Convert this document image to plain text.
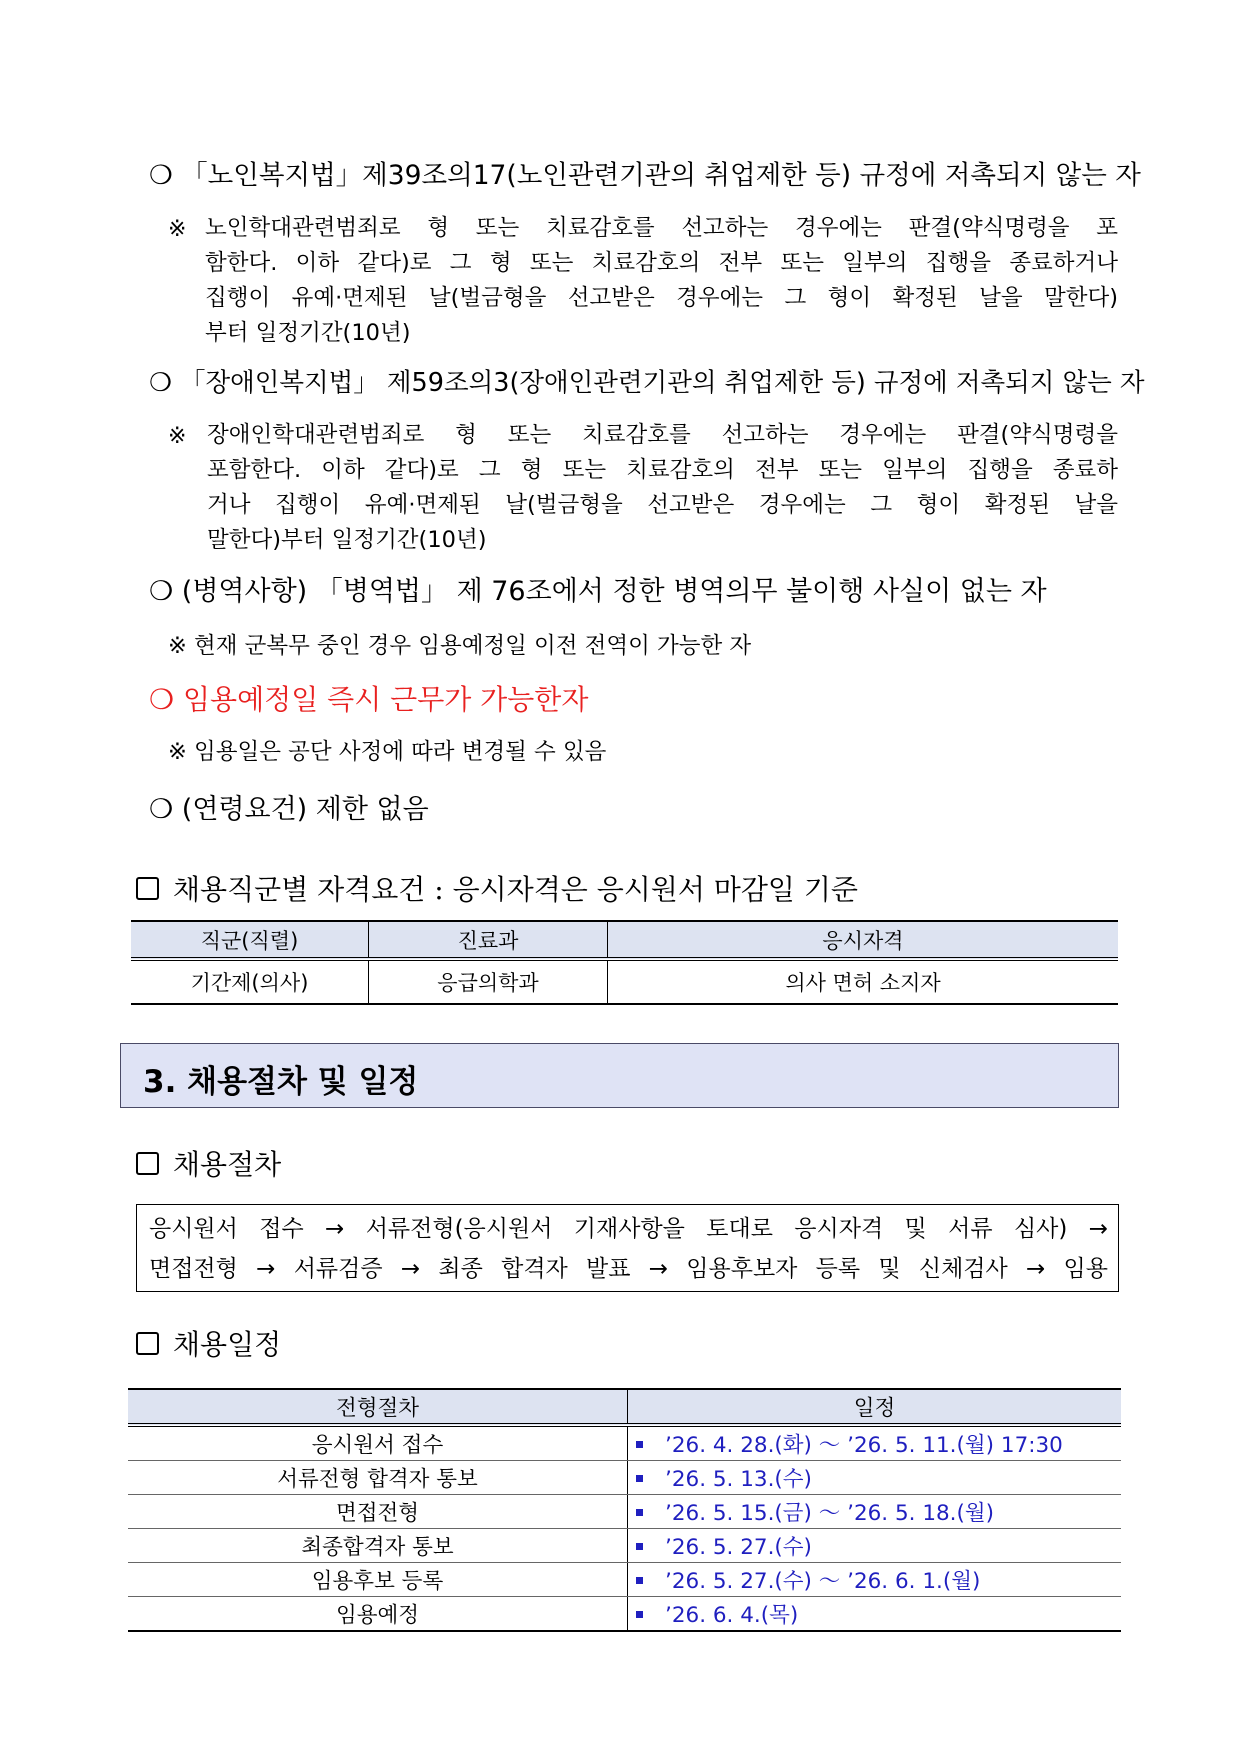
❍ 「노인복지법」제39조의17(노인관련기관의 취업제한 등) 규정에 저촉되지 않는 자
※ 노인학대관련범죄로 형 또는 치료감호를 선고하는 경우에는 판결(약식명령을 포
함한다. 이하 같다)로 그 형 또는 치료감호의 전부 또는 일부의 집행을 종료하거나
집행이 유예·면제된 날(벌금형을 선고받은 경우에는 그 형이 확정된 날을 말한다)
부터 일정기간(10년)
❍ 「장애인복지법」 제59조의3(장애인관련기관의 취업제한 등) 규정에 저촉되지 않는 자
※ 장애인학대관련범죄로 형 또는 치료감호를 선고하는 경우에는 판결(약식명령을
포함한다. 이하 같다)로 그 형 또는 치료감호의 전부 또는 일부의 집행을 종료하
거나 집행이 유예·면제된 날(벌금형을 선고받은 경우에는 그 형이 확정된 날을
말한다)부터 일정기간(10년)
❍ (병역사항) 「병역법」 제 76조에서 정한 병역의무 불이행 사실이 없는 자
※ 현재 군복무 중인 경우 임용예정일 이전 전역이 가능한 자
❍ 임용예정일 즉시 근무가 가능한자
※ 임용일은 공단 사정에 따라 변경될 수 있음
❍ (연령요건) 제한 없음
채용직군별 자격요건 : 응시자격은 응시원서 마감일 기준
직군(직렬)	진료과	응시자격
기간제(의사)	응급의학과	의사 면허 소지자
3. 채용절차 및 일정
채용절차
응시원서 접수 → 서류전형(응시원서 기재사항을 토대로 응시자격 및 서류 심사) →
면접전형 → 서류검증 → 최종 합격자 발표 → 임용후보자 등록 및 신체검사 → 임용
채용일정
전형절차	일정
응시원서 접수	’26. 4. 28.(화) ～ ’26. 5. 11.(월) 17:30
서류전형 합격자 통보	’26. 5. 13.(수)
면접전형	’26. 5. 15.(금) ～ ’26. 5. 18.(월)
최종합격자 통보	’26. 5. 27.(수)
임용후보 등록	’26. 5. 27.(수) ～ ’26. 6. 1.(월)
임용예정	’26. 6. 4.(목)
